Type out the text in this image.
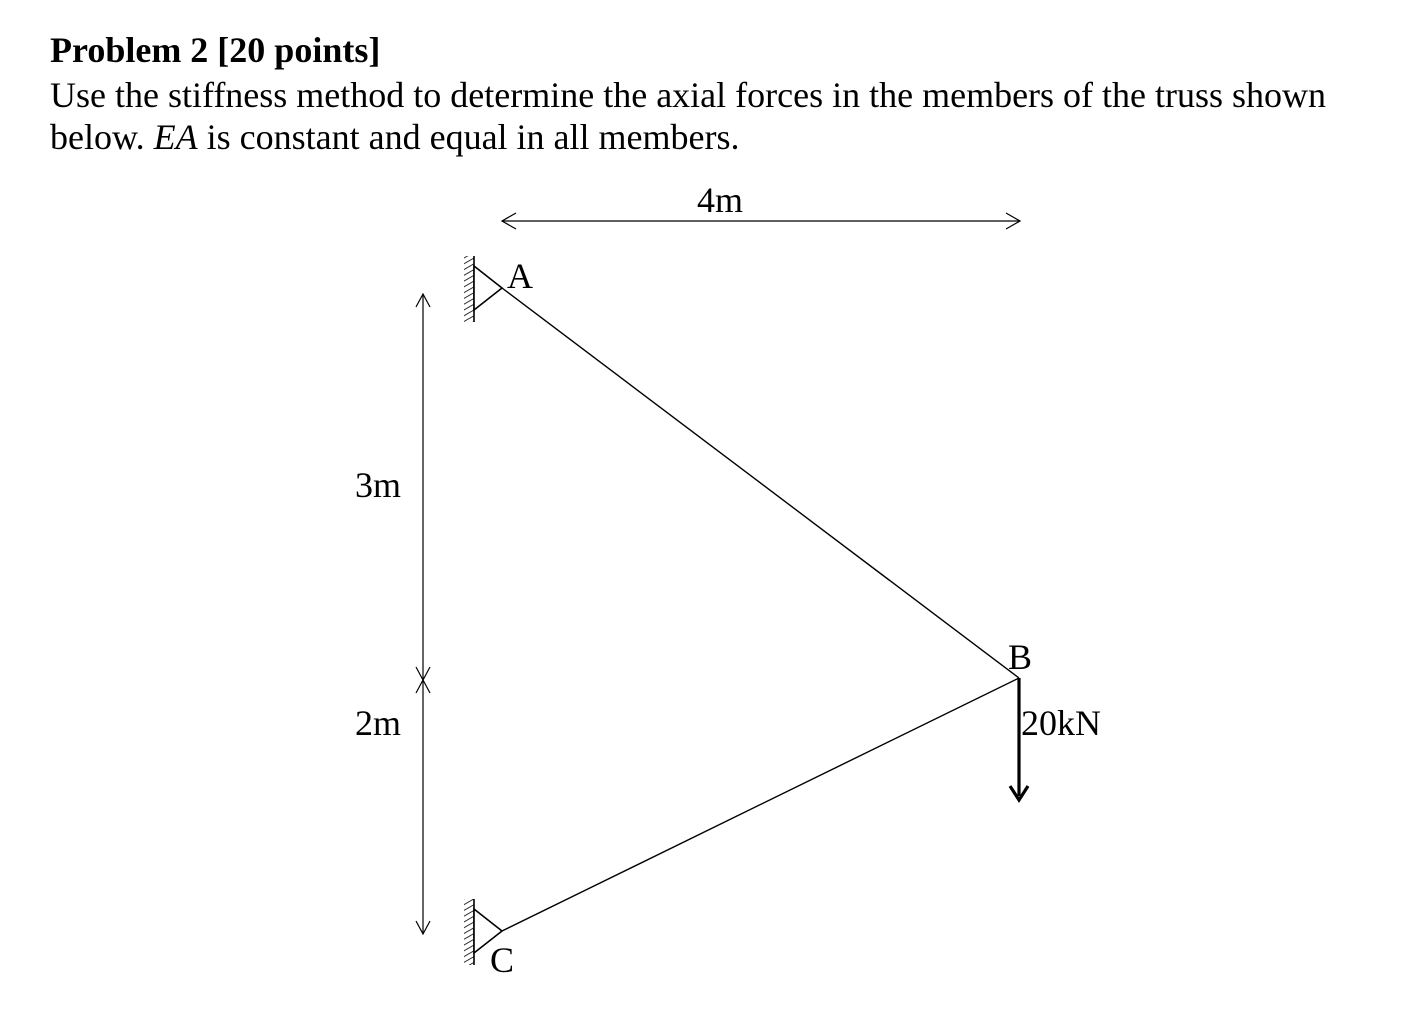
Problem 2 [20 points]
Use the stiffness method to determine the axial forces in the members of the truss shown
below. EA is constant and equal in all members.
4m
3m
2m
A
B
C
20kN
